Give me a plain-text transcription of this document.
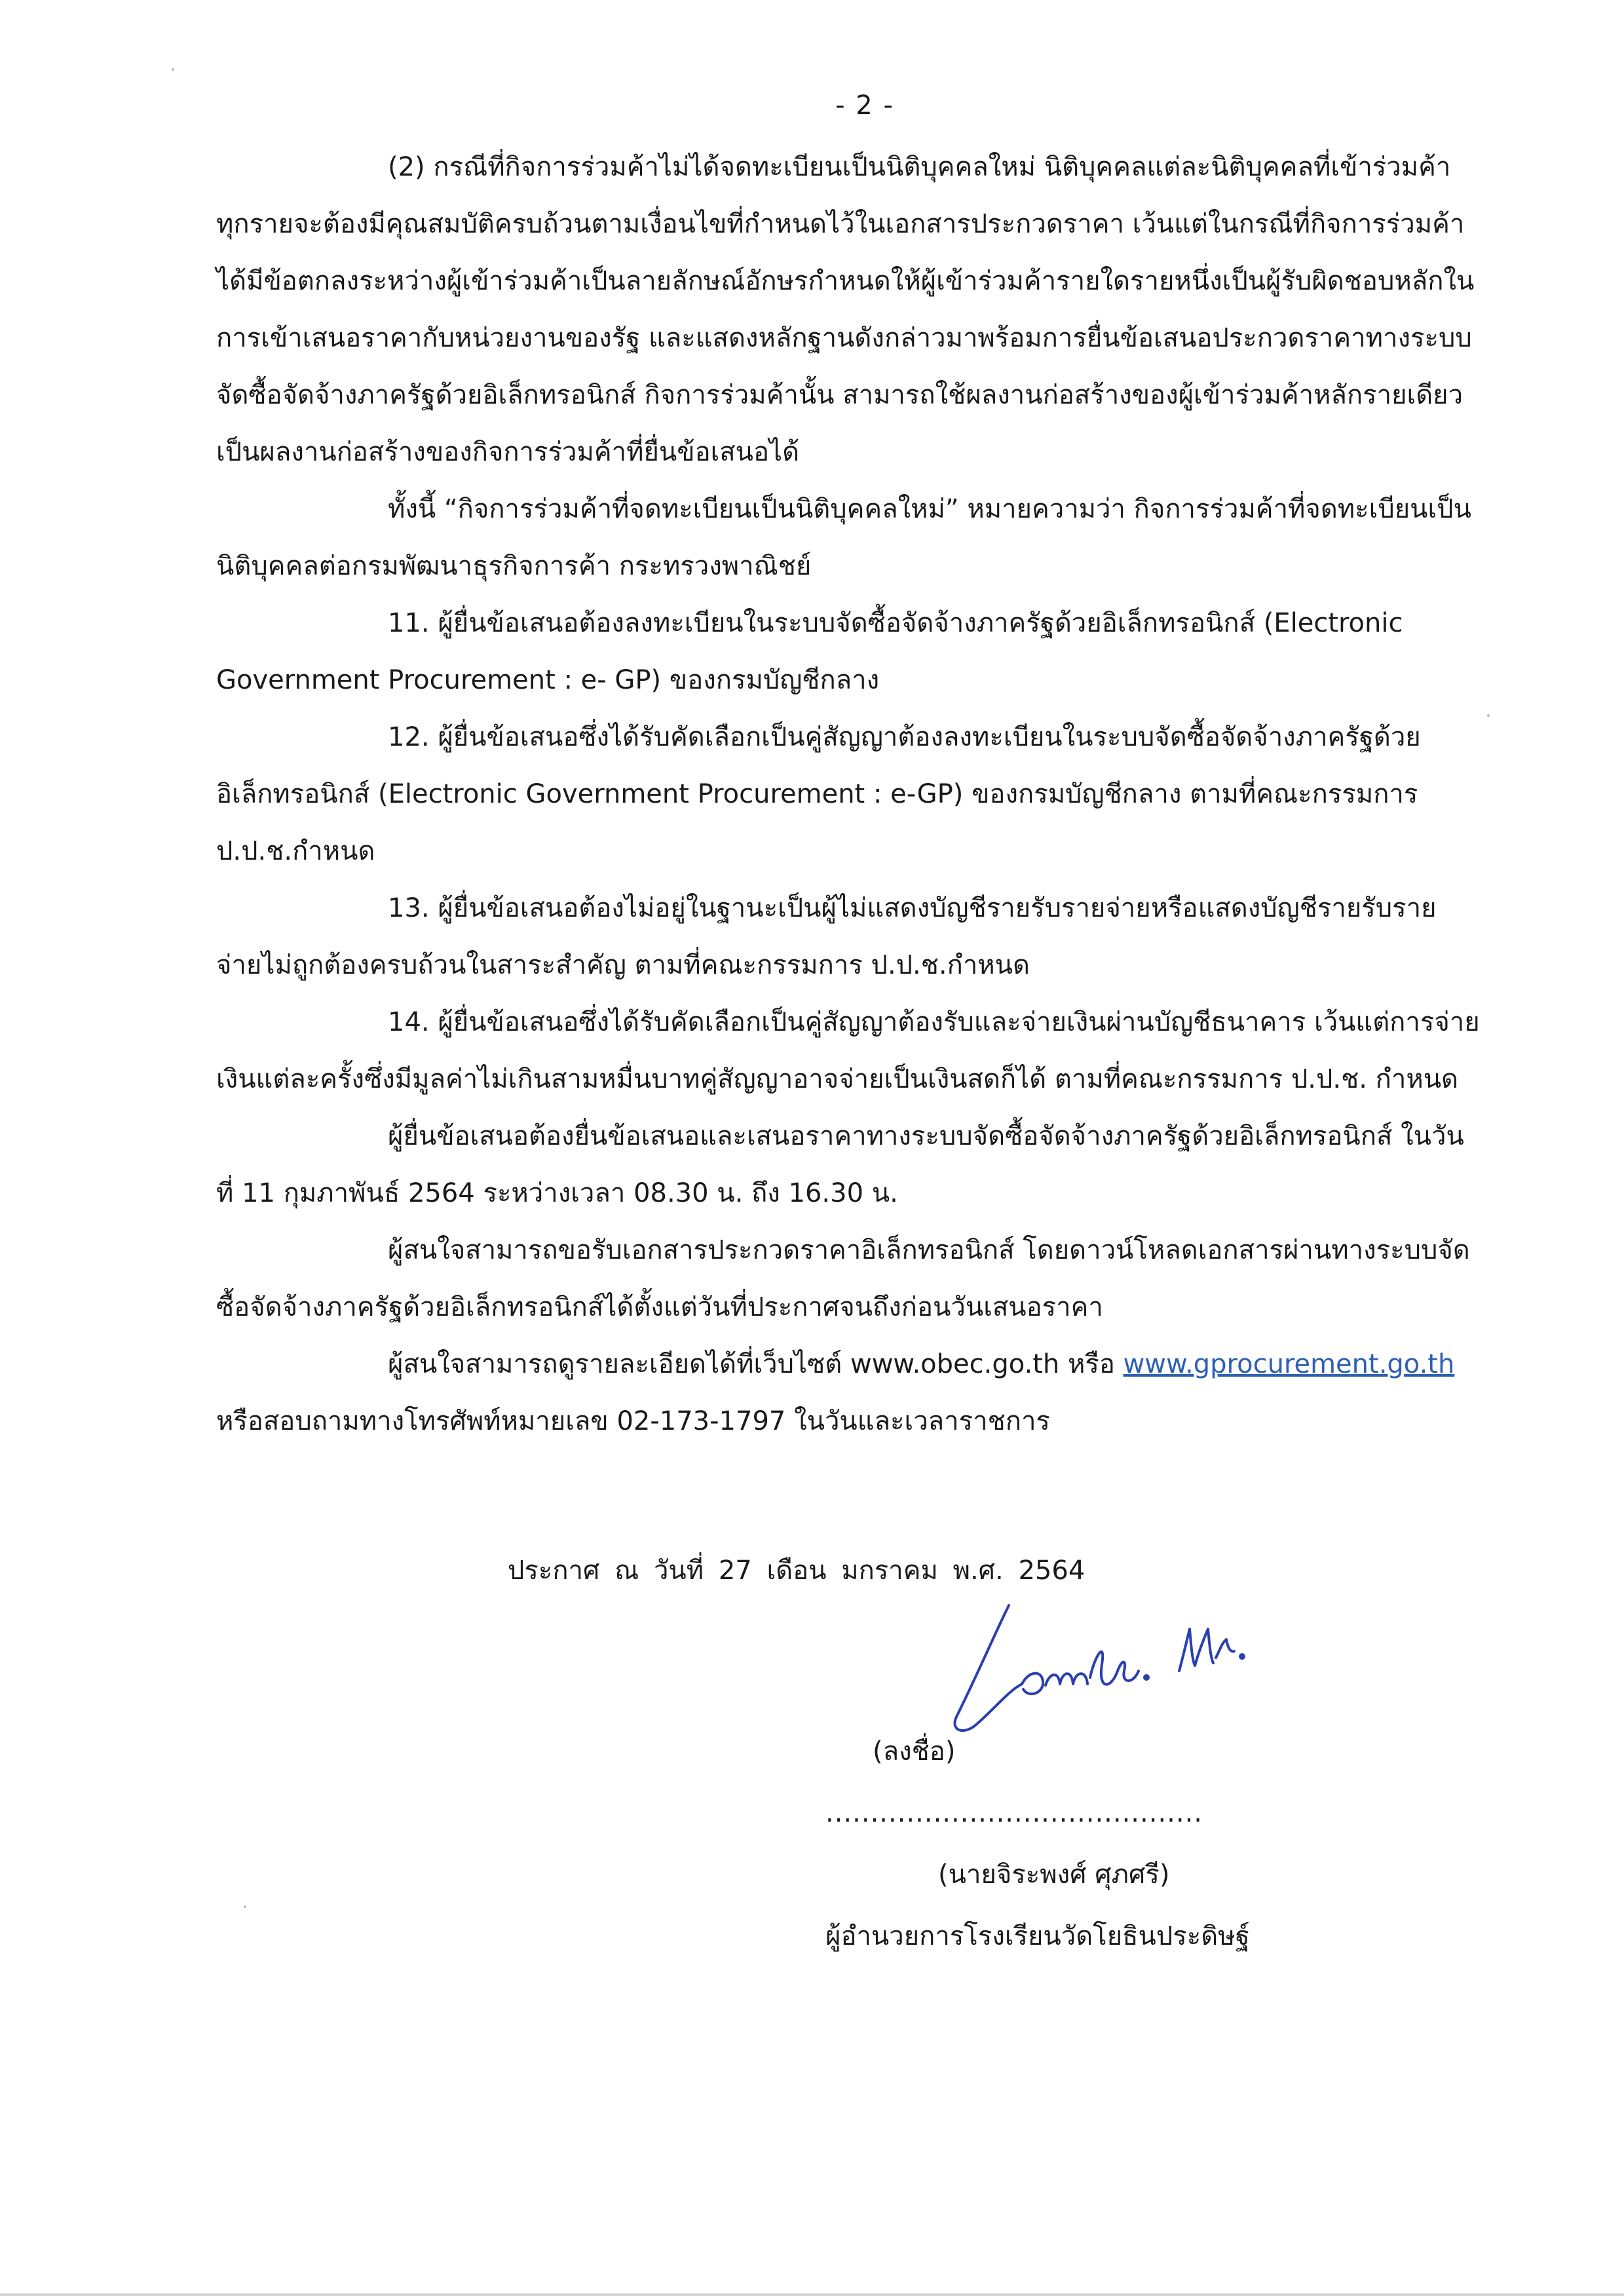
- 2 -

(2) กรณีที่กิจการร่วมค้าไม่ได้จดทะเบียนเป็นนิติบุคคลใหม่ นิติบุคคลแต่ละนิติบุคคลที่เข้าร่วมค้าทุกรายจะต้องมีคุณสมบัติครบถ้วนตามเงื่อนไขที่กำหนดไว้ในเอกสารประกวดราคา เว้นแต่ในกรณีที่กิจการร่วมค้าได้มีข้อตกลงระหว่างผู้เข้าร่วมค้าเป็นลายลักษณ์อักษรกำหนดให้ผู้เข้าร่วมค้ารายใดรายหนึ่งเป็นผู้รับผิดชอบหลักในการเข้าเสนอราคากับหน่วยงานของรัฐ และแสดงหลักฐานดังกล่าวมาพร้อมการยื่นข้อเสนอประกวดราคาทางระบบจัดซื้อจัดจ้างภาครัฐด้วยอิเล็กทรอนิกส์ กิจการร่วมค้านั้น สามารถใช้ผลงานก่อสร้างของผู้เข้าร่วมค้าหลักรายเดียวเป็นผลงานก่อสร้างของกิจการร่วมค้าที่ยื่นข้อเสนอได้

ทั้งนี้ “กิจการร่วมค้าที่จดทะเบียนเป็นนิติบุคคลใหม่” หมายความว่า กิจการร่วมค้าที่จดทะเบียนเป็นนิติบุคคลต่อกรมพัฒนาธุรกิจการค้า กระทรวงพาณิชย์

11. ผู้ยื่นข้อเสนอต้องลงทะเบียนในระบบจัดซื้อจัดจ้างภาครัฐด้วยอิเล็กทรอนิกส์ (Electronic Government Procurement : e- GP) ของกรมบัญชีกลาง

12. ผู้ยื่นข้อเสนอซึ่งได้รับคัดเลือกเป็นคู่สัญญาต้องลงทะเบียนในระบบจัดซื้อจัดจ้างภาครัฐด้วยอิเล็กทรอนิกส์ (Electronic Government Procurement : e-GP) ของกรมบัญชีกลาง ตามที่คณะกรรมการ ป.ป.ช.กำหนด

13. ผู้ยื่นข้อเสนอต้องไม่อยู่ในฐานะเป็นผู้ไม่แสดงบัญชีรายรับรายจ่ายหรือแสดงบัญชีรายรับรายจ่ายไม่ถูกต้องครบถ้วนในสาระสำคัญ ตามที่คณะกรรมการ ป.ป.ช.กำหนด

14. ผู้ยื่นข้อเสนอซึ่งได้รับคัดเลือกเป็นคู่สัญญาต้องรับและจ่ายเงินผ่านบัญชีธนาคาร เว้นแต่การจ่ายเงินแต่ละครั้งซึ่งมีมูลค่าไม่เกินสามหมื่นบาทคู่สัญญาอาจจ่ายเป็นเงินสดก็ได้ ตามที่คณะกรรมการ ป.ป.ช. กำหนด

ผู้ยื่นข้อเสนอต้องยื่นข้อเสนอและเสนอราคาทางระบบจัดซื้อจัดจ้างภาครัฐด้วยอิเล็กทรอนิกส์ ในวันที่ 11 กุมภาพันธ์ 2564 ระหว่างเวลา 08.30 น. ถึง 16.30 น.

ผู้สนใจสามารถขอรับเอกสารประกวดราคาอิเล็กทรอนิกส์ โดยดาวน์โหลดเอกสารผ่านทางระบบจัดซื้อจัดจ้างภาครัฐด้วยอิเล็กทรอนิกส์ได้ตั้งแต่วันที่ประกาศจนถึงก่อนวันเสนอราคา

ผู้สนใจสามารถดูรายละเอียดได้ที่เว็บไซต์ www.obec.go.th หรือ www.gprocurement.go.th หรือสอบถามทางโทรศัพท์หมายเลข 02-173-1797 ในวันและเวลาราชการ

ประกาศ ณ วันที่ 27 เดือน มกราคม พ.ศ. 2564
(ลงชื่อ) ..........................................
(นายจิระพงศ์ ศุภศรี)
ผู้อำนวยการโรงเรียนวัดโยธินประดิษฐ์
